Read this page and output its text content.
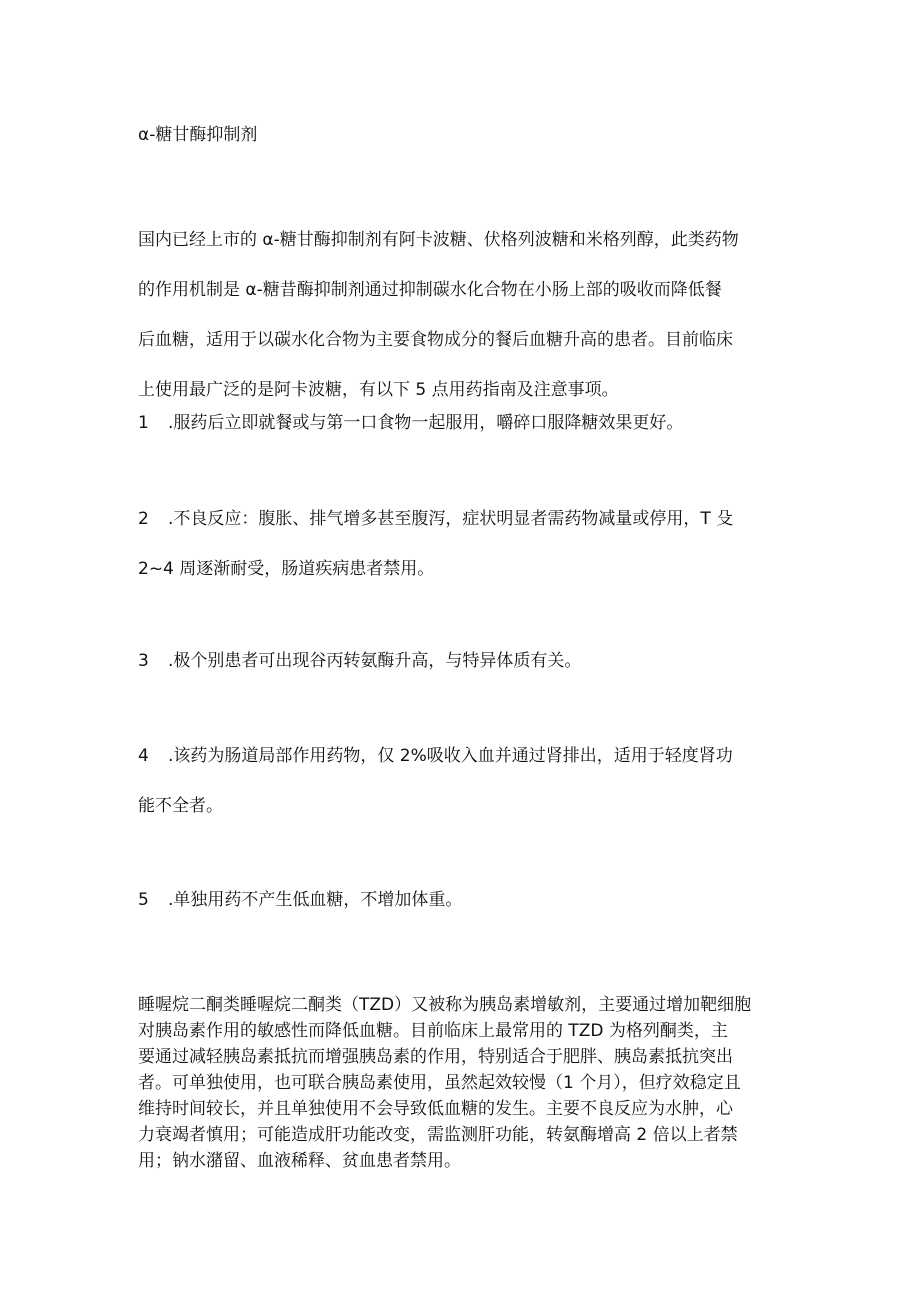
α-糖甘酶抑制剂
国内已经上市的 α-糖甘酶抑制剂有阿卡波糖、伏格列波糖和米格列醇，此类药物
的作用机制是 α-糖昔酶抑制剂通过抑制碳水化合物在小肠上部的吸收而降低餐
后血糖，适用于以碳水化合物为主要食物成分的餐后血糖升高的患者。目前临床
上使用最广泛的是阿卡波糖，有以下 5 点用药指南及注意事项。
1 .服药后立即就餐或与第一口食物一起服用，嚼碎口服降糖效果更好。
2 .不良反应：腹胀、排气增多甚至腹泻，症状明显者需药物减量或停用，T 殳
2~4 周逐渐耐受，肠道疾病患者禁用。
3 .极个别患者可出现谷丙转氨酶升高，与特异体质有关。
4 .该药为肠道局部作用药物，仅 2%吸收入血并通过肾排出，适用于轻度肾功
能不全者。
5 .单独用药不产生低血糖，不增加体重。
睡喔烷二酮类睡喔烷二酮类（TZD）又被称为胰岛素增敏剂，主要通过增加靶细胞
对胰岛素作用的敏感性而降低血糖。目前临床上最常用的 TZD 为格列酮类，主
要通过减轻胰岛素抵抗而增强胰岛素的作用，特别适合于肥胖、胰岛素抵抗突出
者。可单独使用，也可联合胰岛素使用，虽然起效较慢（1 个月），但疗效稳定且
维持时间较长，并且单独使用不会导致低血糖的发生。主要不良反应为水肿，心
力衰竭者慎用；可能造成肝功能改变，需监测肝功能，转氨酶增高 2 倍以上者禁
用；钠水潴留、血液稀释、贫血患者禁用。
